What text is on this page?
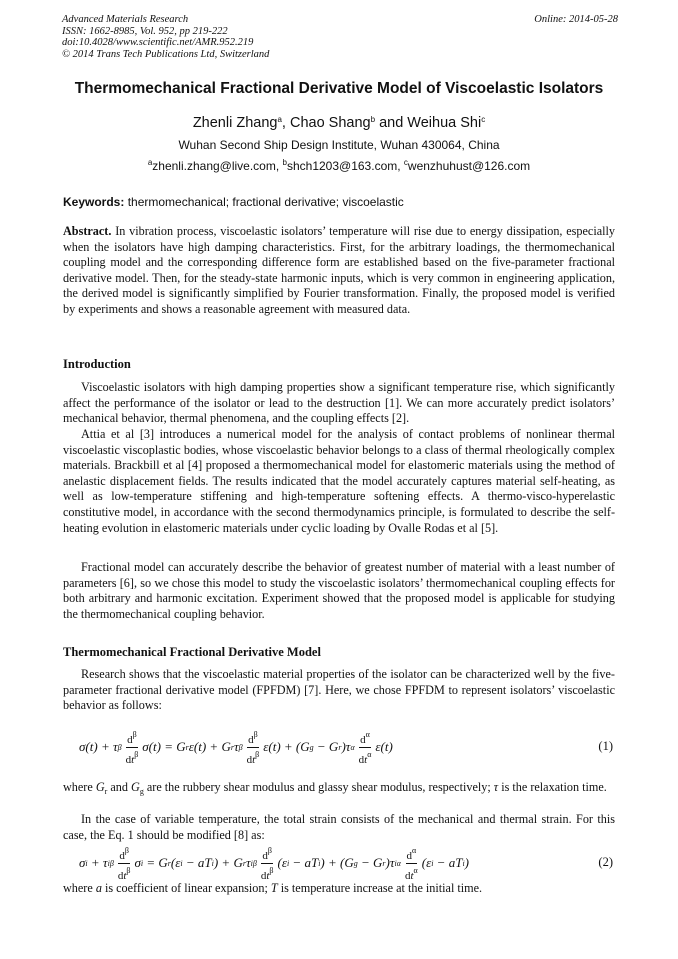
Advanced Materials Research
ISSN: 1662-8985, Vol. 952, pp 219-222
doi:10.4028/www.scientific.net/AMR.952.219
© 2014 Trans Tech Publications Ltd, Switzerland
Online: 2014-05-28
Thermomechanical Fractional Derivative Model of Viscoelastic Isolators
Zhenli Zhang$^a$, Chao Shang$^b$ and Weihua Shi$^c$
Wuhan Second Ship Design Institute, Wuhan 430064, China
$^a$zhenli.zhang@live.com, $^b$shch1203@163.com, $^c$wenzhuhust@126.com
Keywords: thermomechanical; fractional derivative; viscoelastic
Abstract. In vibration process, viscoelastic isolators’ temperature will rise due to energy dissipation, especially when the isolators have high damping characteristics. First, for the arbitrary loadings, the thermomechanical coupling model and the corresponding difference form are established based on the five-parameter fractional derivative model. Then, for the steady-state harmonic inputs, which is very common in engineering application, the derived model is significantly simplified by Fourier transformation. Finally, the proposed model is verified by experiments and shows a reasonable agreement with measured data.
Introduction
Viscoelastic isolators with high damping properties show a significant temperature rise, which significantly affect the performance of the isolator or lead to the destruction [1]. We can more accurately predict isolators’ mechanical behavior, thermal phenomena, and the coupling effects [2].
Attia et al [3] introduces a numerical model for the analysis of contact problems of nonlinear thermal viscoelastic viscoplastic bodies, whose viscoelastic behavior belongs to a class of thermal rheologically complex materials. Brackbill et al [4] proposed a thermomechanical model for elastomeric materials using the method of anelastic displacement fields. The results indicated that the model accurately captures material self-heating, as well as low-temperature stiffening and high-temperature softening effects. A thermo-visco-hyperelastic constitutive model, in accordance with the second thermodynamics principle, is formulated to describe the self-heating evolution in elastomeric materials under cyclic loading by Ovalle Rodas et al [5].
Fractional model can accurately describe the behavior of greatest number of material with a least number of parameters [6], so we chose this model to study the viscoelastic isolators’ thermomechanical coupling effects for both arbitrary and harmonic excitation. Experiment showed that the proposed model is applicable for studying the thermomechanical coupling behavior.
Thermomechanical Fractional Derivative Model
Research shows that the viscoelastic material properties of the isolator can be characterized well by the five-parameter fractional derivative model (FPFDM) [7]. Here, we chose FPFDM to represent isolators’ viscoelastic behavior as follows:
σ( t ) + τ β $\frac{d^\beta}{dt^\beta} \sigma$( t ) = G r ε( t ) + G r τ β $\frac{d^\beta}{dt^\beta} \varepsilon$( t ) + (G g − G r )τ α $\frac{d^\alpha}{dt^\alpha} \varepsilon$( t )	(1)
where $G_r$ and $G_g$ are the rubbery shear modulus and glassy shear modulus, respectively; τ is the relaxation time.
In the case of variable temperature, the total strain consists of the mechanical and thermal strain. For this case, the Eq. 1 should be modified [8] as:
σ i + τ i β $\frac{d^\beta}{dt^\beta}$ σ i = G r (ε i − aT i ) + G r τ i β $\frac{d^\beta}{dt^\beta} (\varepsilon$ i − aT i ) + (G g − G r )τ i α $\frac{d^\alpha}{dt^\alpha} (\varepsilon$ i − aT i )	(2)
where a is coefficient of linear expansion; T is temperature increase at the initial time.
